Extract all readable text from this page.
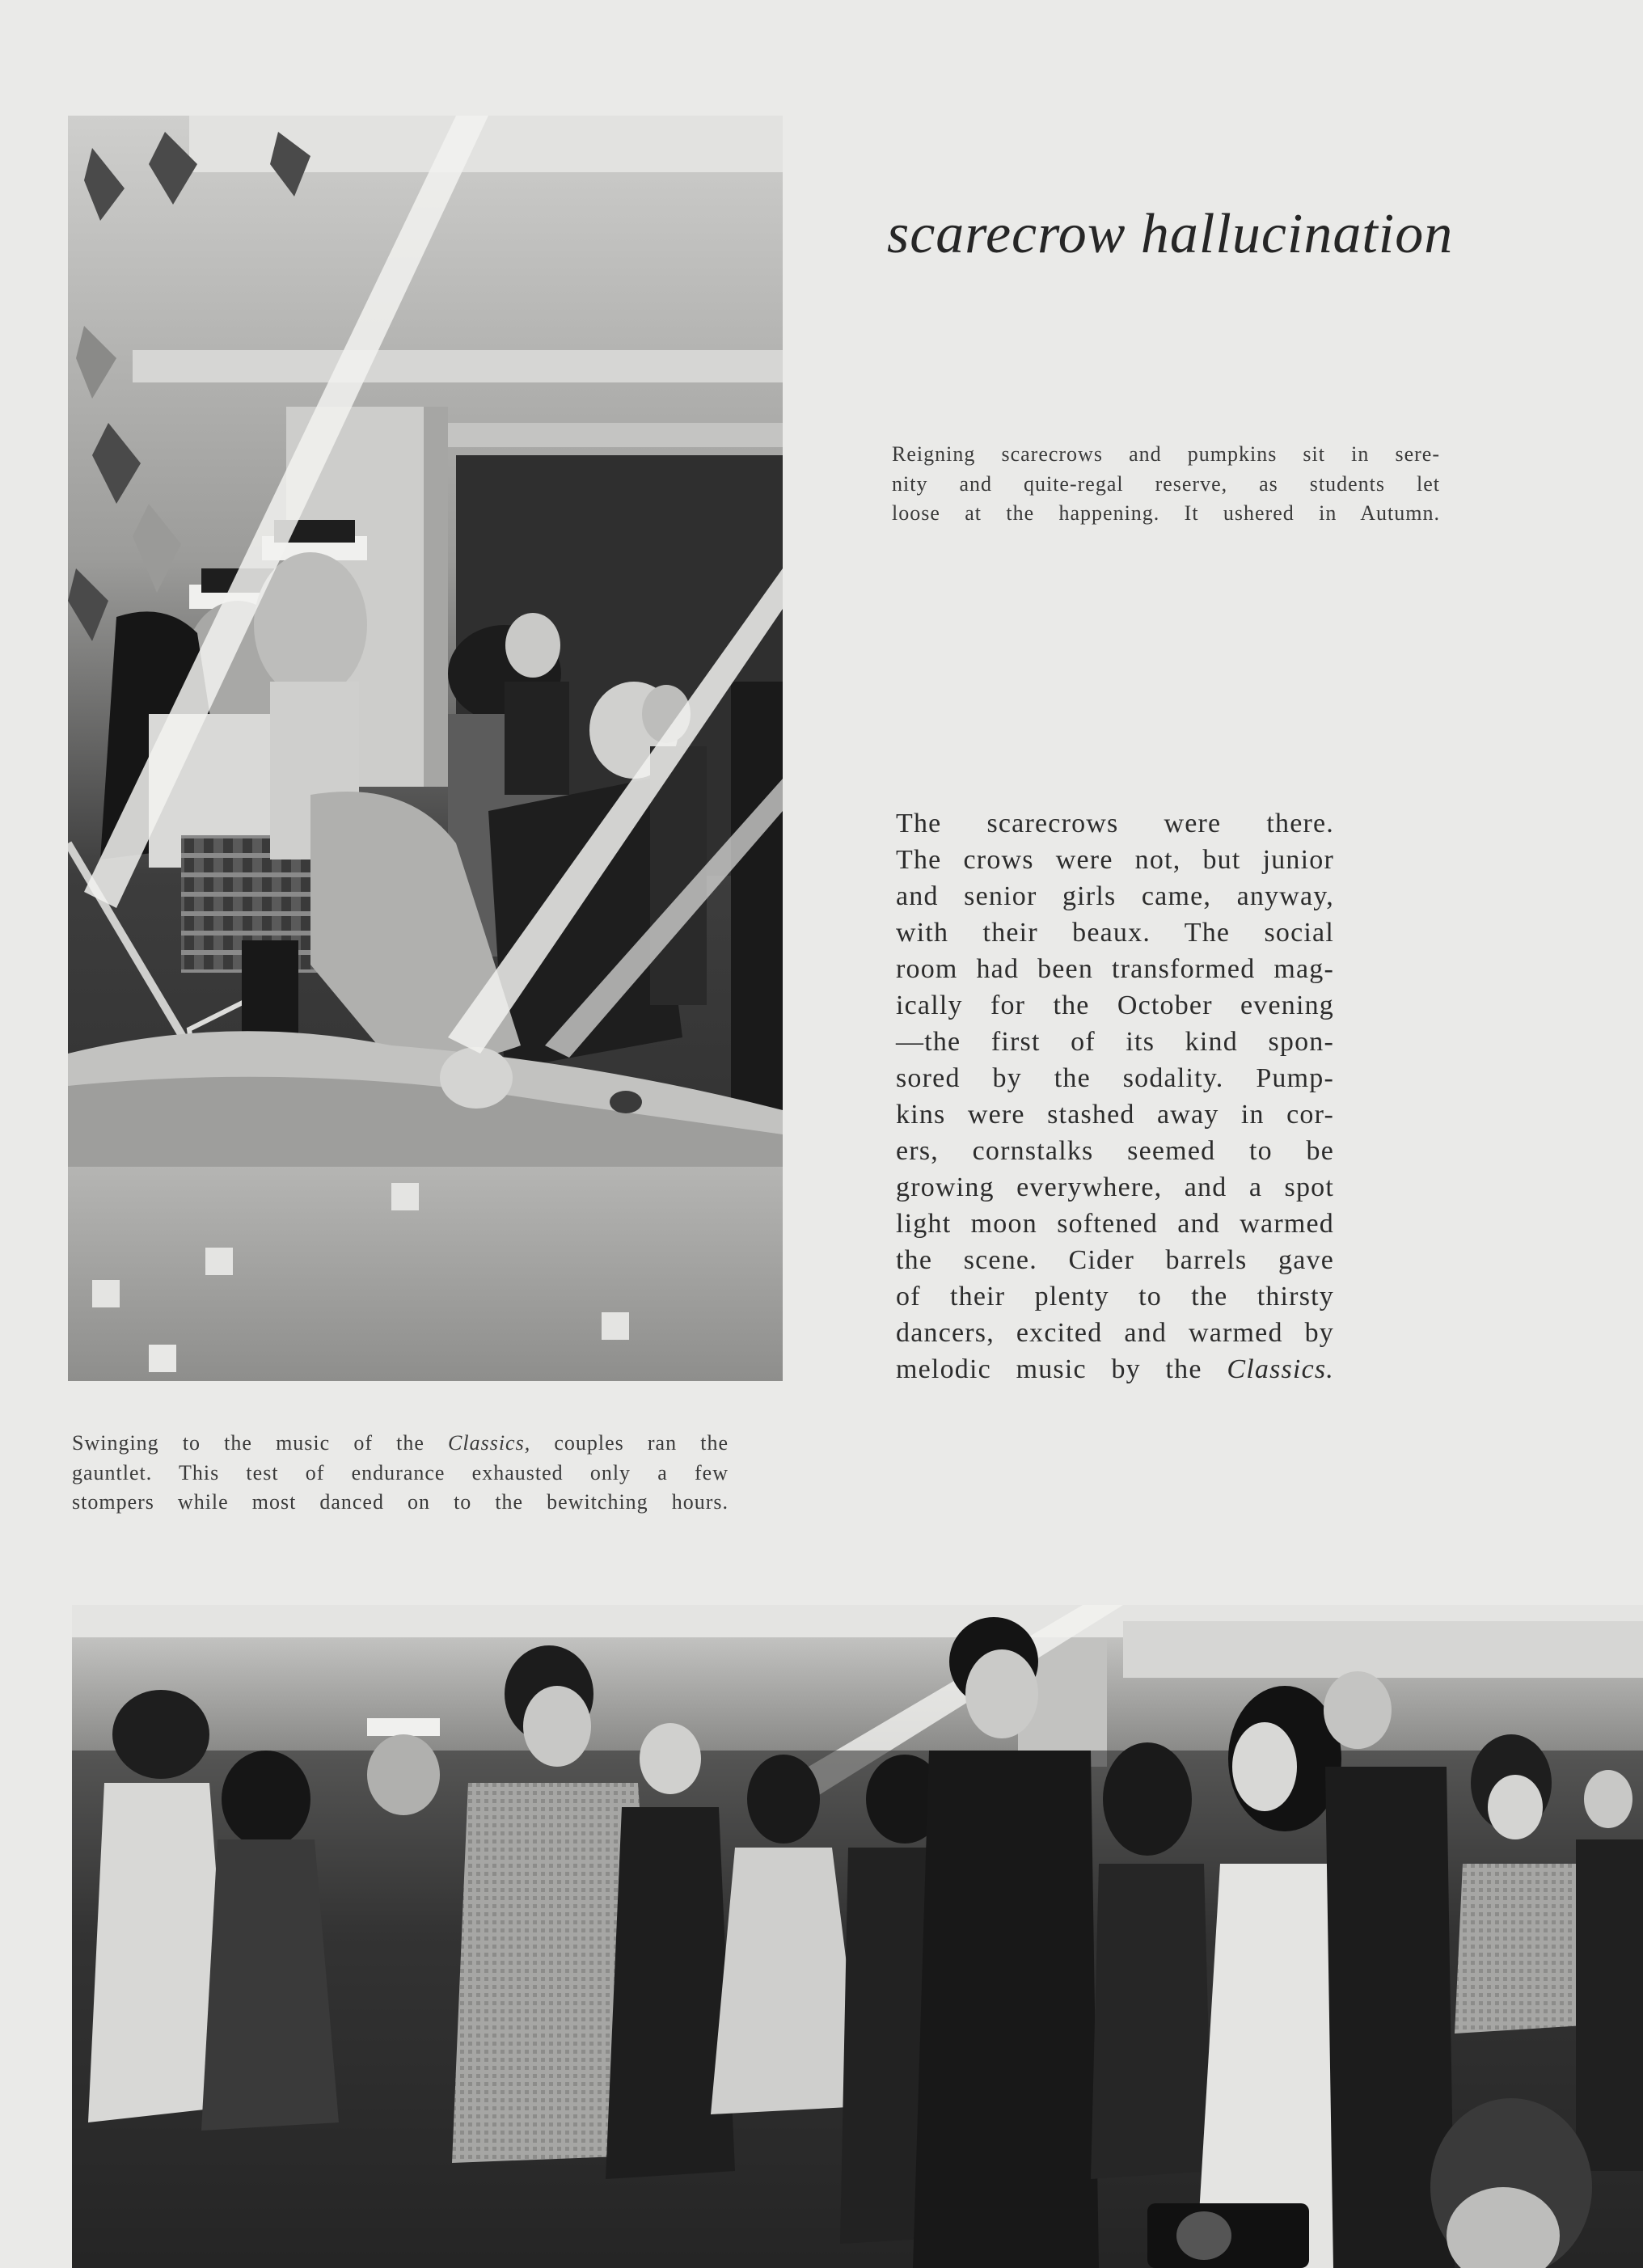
scarecrow hallucination

Reigning scarecrows and pumpkins sit in sere-
nity and quite-regal reserve, as students let
loose at the happening. It ushered in Autumn.

The scarecrows were there.
The crows were not, but junior
and senior girls came, anyway,
with their beaux. The social
room had been transformed mag-
ically for the October evening
—the first of its kind spon-
sored by the sodality. Pump-
kins were stashed away in cor-
ers, cornstalks seemed to be
growing everywhere, and a spot
light moon softened and warmed
the scene. Cider barrels gave
of their plenty to the thirsty
dancers, excited and warmed by
melodic music by the Classics.

Swinging to the music of the Classics, couples ran the
gauntlet. This test of endurance exhausted only a few
stompers while most danced on to the bewitching hours.
